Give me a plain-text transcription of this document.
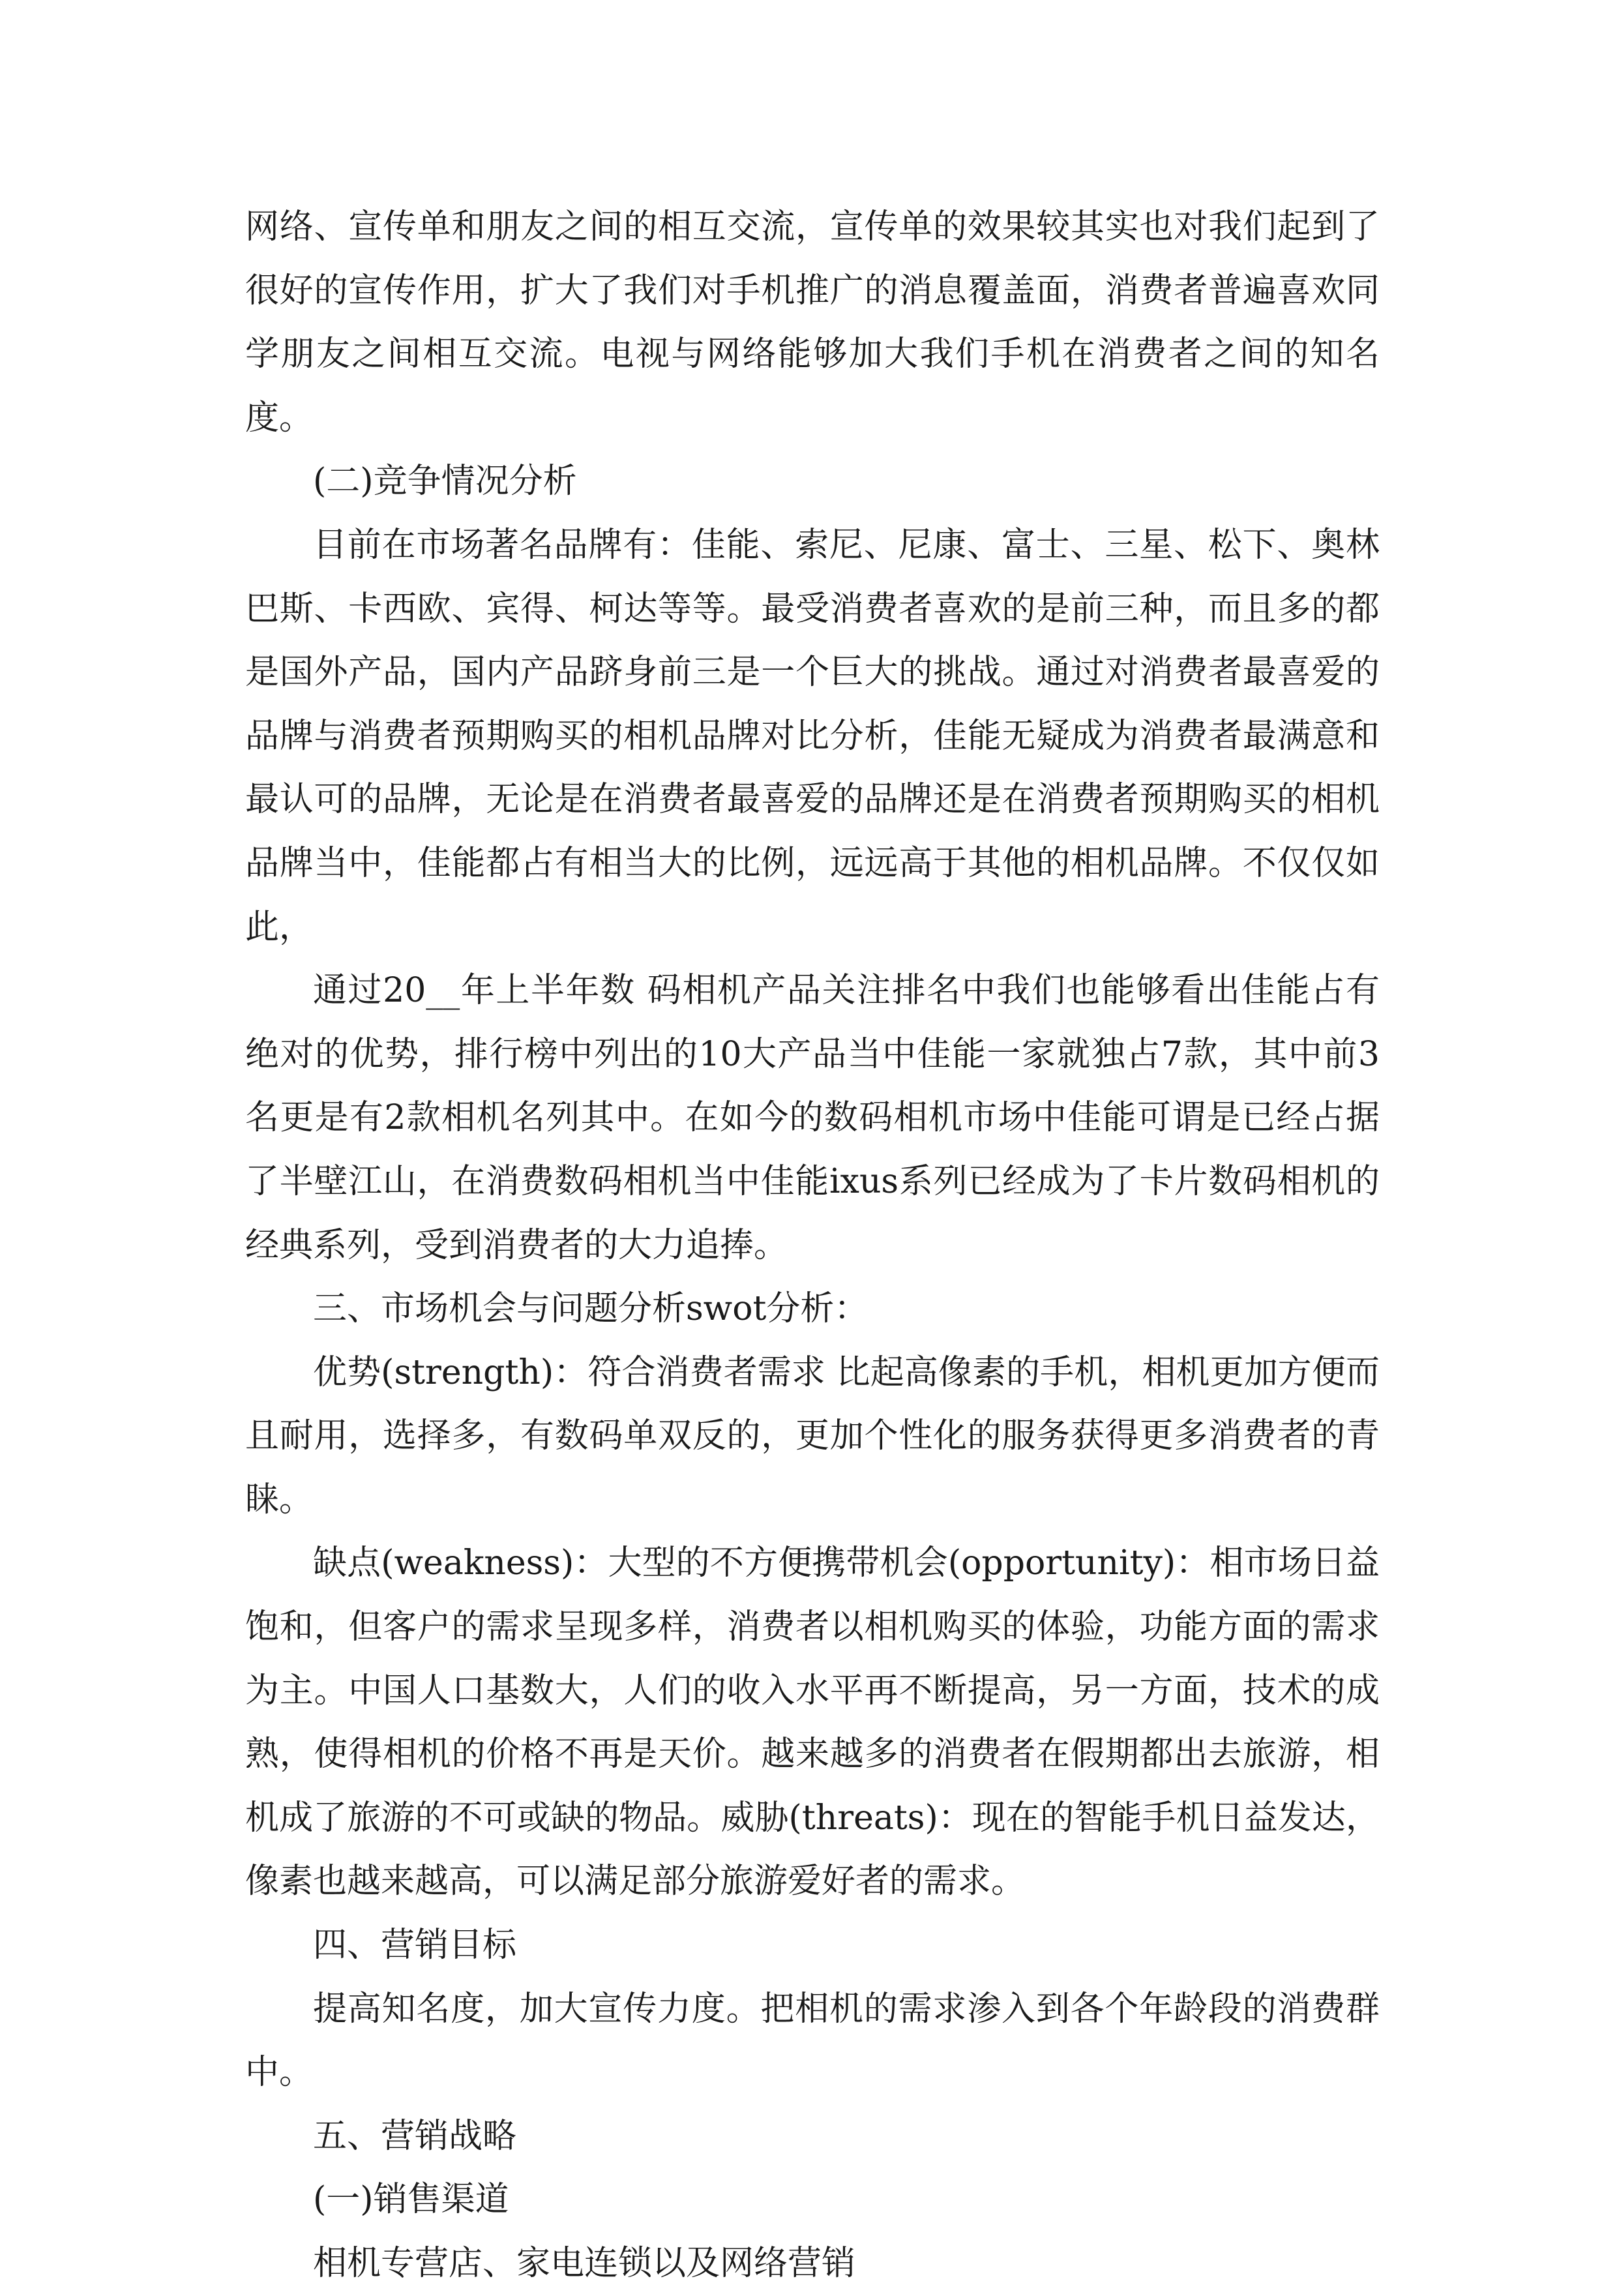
网络、宣传单和朋友之间的相互交流，宣传单的效果较其实也对我们起到了很好的宣传作用，扩大了我们对手机推广的消息覆盖面，消费者普遍喜欢同学朋友之间相互交流。电视与网络能够加大我们手机在消费者之间的知名度。

(二)竞争情况分析

目前在市场著名品牌有：佳能、索尼、尼康、富士、三星、松下、奥林巴斯、卡西欧、宾得、柯达等等。最受消费者喜欢的是前三种，而且多的都是国外产品，国内产品跻身前三是一个巨大的挑战。通过对消费者最喜爱的品牌与消费者预期购买的相机品牌对比分析，佳能无疑成为消费者最满意和最认可的品牌，无论是在消费者最喜爱的品牌还是在消费者预期购买的相机品牌当中，佳能都占有相当大的比例，远远高于其他的相机品牌。不仅仅如此，

通过20__年上半年数 码相机产品关注排名中我们也能够看出佳能占有绝对的优势，排行榜中列出的10大产品当中佳能一家就独占7款，其中前3名更是有2款相机名列其中。在如今的数码相机市场中佳能可谓是已经占据了半壁江山，在消费数码相机当中佳能ixus系列已经成为了卡片数码相机的经典系列，受到消费者的大力追捧。

三、市场机会与问题分析swot分析：

优势(strength)：符合消费者需求 比起高像素的手机，相机更加方便而且耐用，选择多，有数码单双反的，更加个性化的服务获得更多消费者的青睐。

缺点(weakness)：大型的不方便携带机会(opportunity)：相市场日益饱和，但客户的需求呈现多样，消费者以相机购买的体验，功能方面的需求为主。中国人口基数大，人们的收入水平再不断提高，另一方面，技术的成熟，使得相机的价格不再是天价。越来越多的消费者在假期都出去旅游，相机成了旅游的不可或缺的物品。威胁(threats)：现在的智能手机日益发达，像素也越来越高，可以满足部分旅游爱好者的需求。

四、营销目标

提高知名度，加大宣传力度。把相机的需求渗入到各个年龄段的消费群中。

五、营销战略

(一)销售渠道

相机专营店、家电连锁以及网络营销
